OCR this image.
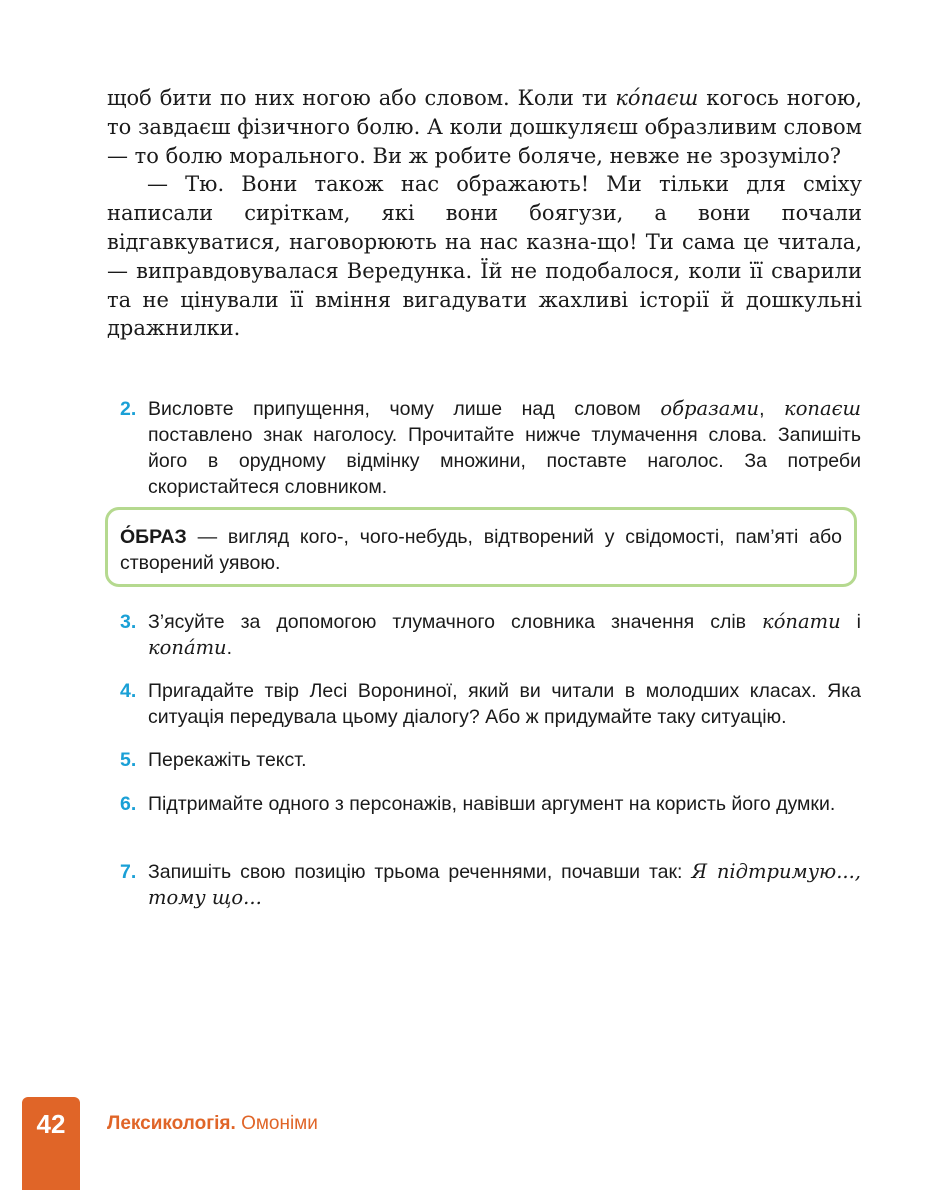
щоб бити по них ногою або словом. Коли ти ко́паєш когось ногою, то завдаєш фізичного болю. А коли дошкуляєш образливим словом — то болю морального. Ви ж робите боляче, невже не зрозуміло?

— Тю. Вони також нас ображають! Ми тільки для сміху написали сиріткам, які вони боягузи, а вони почали відгавкуватися, наговорюють на нас казна-що! Ти сама це читала, — виправдовувалася Вередунка. Їй не подобалося, коли її сварили та не цінували її вміння вигадувати жахливі історії й дошкульні дражнилки.

2. Висловте припущення, чому лише над словом образами, копаєш поставлено знак наголосу. Прочитайте нижче тлумачення слова. Запишіть його в орудному відмінку множини, поставте наголос. За потреби скористайтеся словником.
О́БРАЗ — вигляд кого-, чого-небудь, відтворений у свідомості, пам’яті або створений уявою.
3. З’ясуйте за допомогою тлумачного словника значення слів ко́пати і копа́ти.
4. Пригадайте твір Лесі Ворониної, який ви читали в молодших класах. Яка ситуація передувала цьому діалогу? Або ж придумайте таку ситуацію.
5. Перекажіть текст.
6. Підтримайте одного з персонажів, навівши аргумент на користь його думки.
7. Запишіть свою позицію трьома реченнями, почавши так: Я підтримую..., тому що...
42	Лексикологія. Омоніми
